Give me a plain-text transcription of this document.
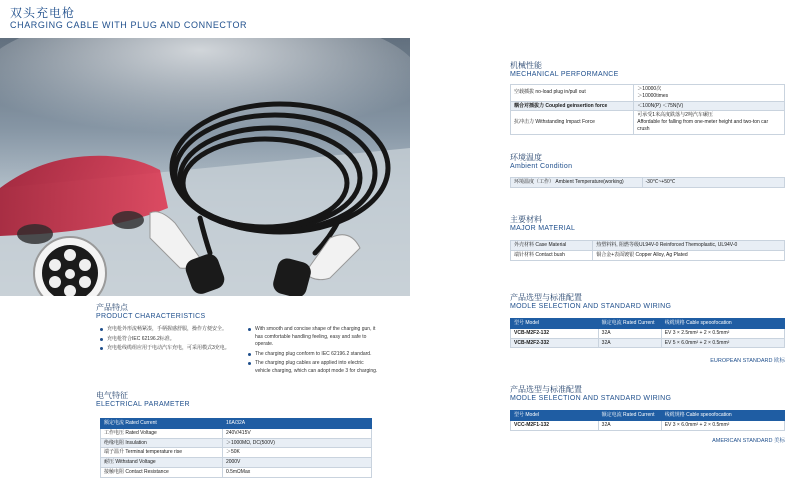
双头充电枪
CHARGING CABLE WITH PLUG AND CONNECTOR
产品特点
PRODUCT CHARACTERISTICS
充电枪外形流畅紧凑，手柄握感舒服，操作方便安全。
充电枪符合IEC 62196.2标准。
充电枪线缆组应用于电动汽车充电，可采用模式3充电。
With smooth and concise shape of the charging gun, it has comfortable handling feeling, easy and safe to operate.
The charging plug conform to IEC 62196.2 standard.
The charging plug cables are applied into electric vehicle charging, which can adopt mode 3 for charging.
电气特征
ELECTRICAL PARAMETER
额定电流 Rated Current	16A/32A
工作电压 Rated Voltage	240V/415V
绝缘电阻 Insulation	＞1000MΩ, DC(500V)
端子温升 Terminal temperature rise	＞50K
耐压 Withstand Voltage	2000V
接触电阻 Contact Resistance	0.5mΩMax
机械性能
MECHANICAL PERFORMANCE
空载插拔 no-load plug in/pull out	＞10000次
＞10000times
耦合对插拔力 Coupled geinsertion force	＜100N(P) ＜75N(V)
抗冲击力 Withstanding Impact Force	可承受1米高度跌落与2吨汽车碾压
Affordable for falling from one-meter height and two-ton car crush
环境温度
Ambient Condition
环境温度（工作） Ambient Temperature(working)	-30℃~+50℃
主要材料
MAJOR MATERIAL
外壳材料 Case Material	热塑料料, 阻燃等级UL94V-0 Reinforced Themoplastic, UL94V-0
端针材料 Contact bush	铜合金+表面镀银 Copper Alloy, Ag Plated
产品选型与标准配置
MODLE SELECTION AND STANDARD WIRING
型号 Model	额定电流 Rated Current	线缆规格 Cable speoofocation
VCB-M2F2-132	32A	EV 3 × 2.5mm² + 2 × 0.5mm²
VCB-M2F2-332	32A	EV 5 × 6.0mm² + 2 × 0.5mm²
EUROPEAN STANDARD 欧标
产品选型与标准配置
MODLE SELECTION AND STANDARD WIRING
型号 Model	额定电流 Rated Current	线缆规格 Cable speoofocation
VCC-M2F1-132	32A	EV 3 × 6.0mm² + 2 × 0.5mm²
AMERICAN STANDARD 美标
